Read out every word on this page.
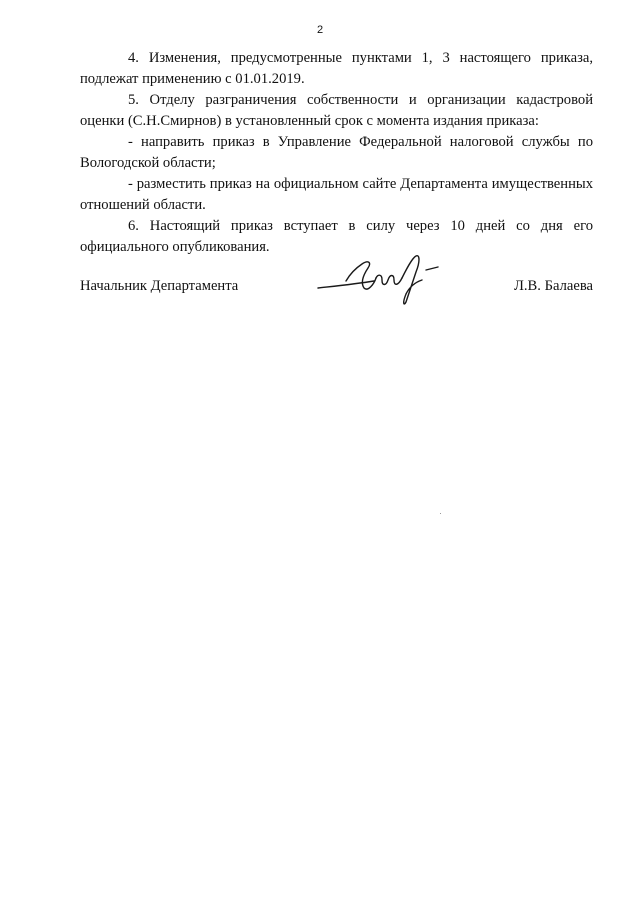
2

4. Изменения, предусмотренные пунктами 1, 3 настоящего приказа, подлежат применению с 01.01.2019.

5. Отделу разграничения собственности и организации кадастровой оценки (С.Н.Смирнов) в установленный срок с момента издания приказа:

- направить приказ в Управление Федеральной налоговой службы по Вологодской области;

- разместить приказ на официальном сайте Департамента имущественных отношений области.

6. Настоящий приказ вступает в силу через 10 дней со дня его официального опубликования.

Начальник Департамента	Л.В. Балаева
